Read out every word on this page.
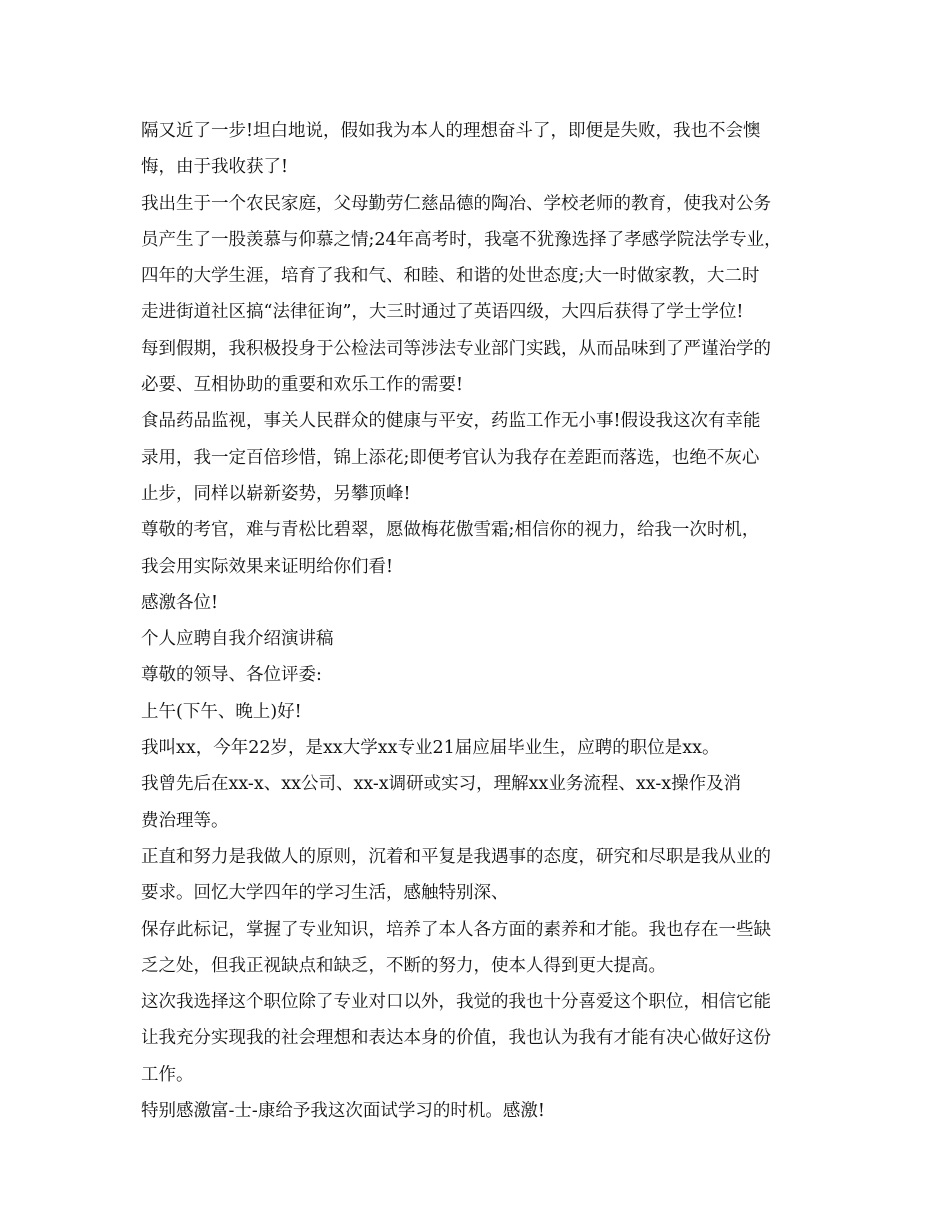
隔又近了一步!坦白地说，假如我为本人的理想奋斗了，即便是失败，我也不会懊

悔，由于我收获了!

我出生于一个农民家庭，父母勤劳仁慈品德的陶冶、学校老师的教育，使我对公务

员产生了一股羡慕与仰慕之情;24年高考时，我毫不犹豫选择了孝感学院法学专业，

四年的大学生涯，培育了我和气、和睦、和谐的处世态度;大一时做家教，大二时

走进街道社区搞“法律征询”，大三时通过了英语四级，大四后获得了学士学位!

每到假期，我积极投身于公检法司等涉法专业部门实践，从而品味到了严谨治学的

必要、互相协助的重要和欢乐工作的需要!

食品药品监视，事关人民群众的健康与平安，药监工作无小事!假设我这次有幸能

录用，我一定百倍珍惜，锦上添花;即便考官认为我存在差距而落选，也绝不灰心

止步，同样以崭新姿势，另攀顶峰!

尊敬的考官，难与青松比碧翠，愿做梅花傲雪霜;相信你的视力，给我一次时机，

我会用实际效果来证明给你们看!

感激各位!

个人应聘自我介绍演讲稿

尊敬的领导、各位评委:

上午(下午、晚上)好!

我叫xx，今年22岁，是xx大学xx专业21届应届毕业生，应聘的职位是xx。

我曾先后在xx-x、xx公司、xx-x调研或实习，理解xx业务流程、xx-x操作及消

费治理等。

正直和努力是我做人的原则，沉着和平复是我遇事的态度，研究和尽职是我从业的

要求。回忆大学四年的学习生活，感触特别深、

保存此标记，掌握了专业知识，培养了本人各方面的素养和才能。我也存在一些缺

乏之处，但我正视缺点和缺乏，不断的努力，使本人得到更大提高。

这次我选择这个职位除了专业对口以外，我觉的我也十分喜爱这个职位，相信它能

让我充分实现我的社会理想和表达本身的价值，我也认为我有才能有决心做好这份

工作。

特别感激富-士-康给予我这次面试学习的时机。感激!
